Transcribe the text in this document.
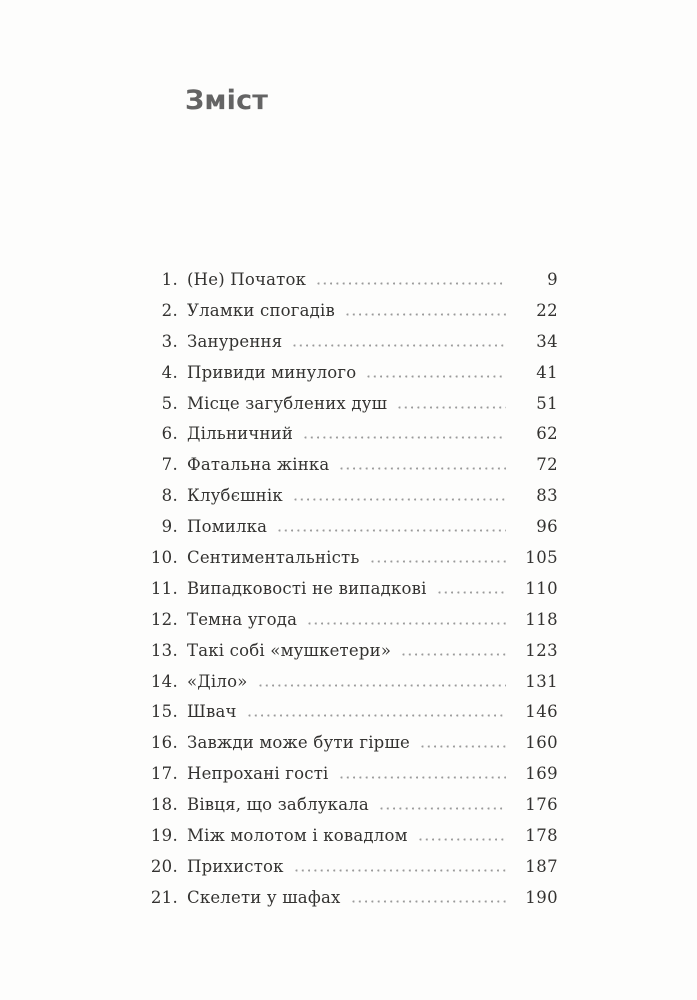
Зміст
1. (Не) Початок	9
2. Уламки спогадів	22
3. Занурення	34
4. Привиди минулого	41
5. Місце загублених душ	51
6. Дільничний	62
7. Фатальна жінка	72
8. Клубєшнік	83
9. Помилка	96
10. Сентиментальність	105
11. Випадковості не випадкові	110
12. Темна угода	118
13. Такі собі «мушкетери»	123
14. «Діло»	131
15. Швач	146
16. Завжди може бути гірше	160
17. Непрохані гості	169
18. Вівця, що заблукала	176
19. Між молотом і ковадлом	178
20. Прихисток	187
21. Скелети у шафах	190
